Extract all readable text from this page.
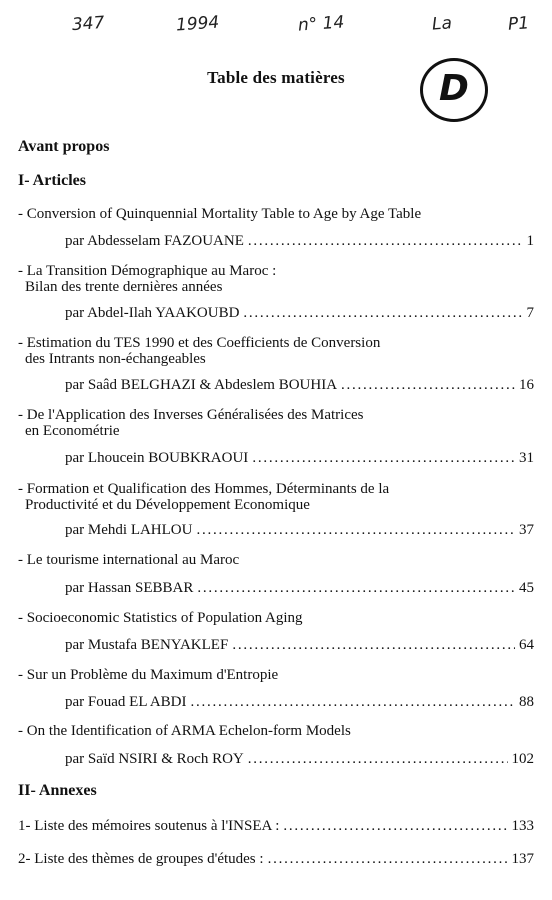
347	1994	n° 14	La	P1
Table des matières	D
Avant propos
I- Articles
- Conversion of Quinquennial Mortality Table to Age by Age Table
par Abdesselam FAZOUANE . . .	1
- La Transition Démographique au Maroc :
Bilan des trente dernières années
par Abdel-Ilah YAAKOUBD . . .	7
- Estimation du TES 1990 et des Coefficients de Conversion
des Intrants non-échangeables
par Saâd BELGHAZI & Abdeslem BOUHIA . . .	16
- De l'Application des Inverses Généralisées des Matrices
en Econométrie
par Lhoucein BOUBKRAOUI . . .	31
- Formation et Qualification des Hommes, Déterminants de la
Productivité et du Développement Economique
par Mehdi LAHLOU . . .	37
- Le tourisme international au Maroc
par Hassan SEBBAR . . .	45
- Socioeconomic Statistics of Population Aging
par Mustafa BENYAKLEF . . .	64
- Sur un Problème du Maximum d'Entropie
par Fouad EL ABDI . . .	88
- On the Identification of ARMA Echelon-form Models
par Saïd NSIRI & Roch ROY . . .	102
II- Annexes
1- Liste des mémoires soutenus à l'INSEA : . . .	133
2- Liste des thèmes de groupes d'études : . . .	137
